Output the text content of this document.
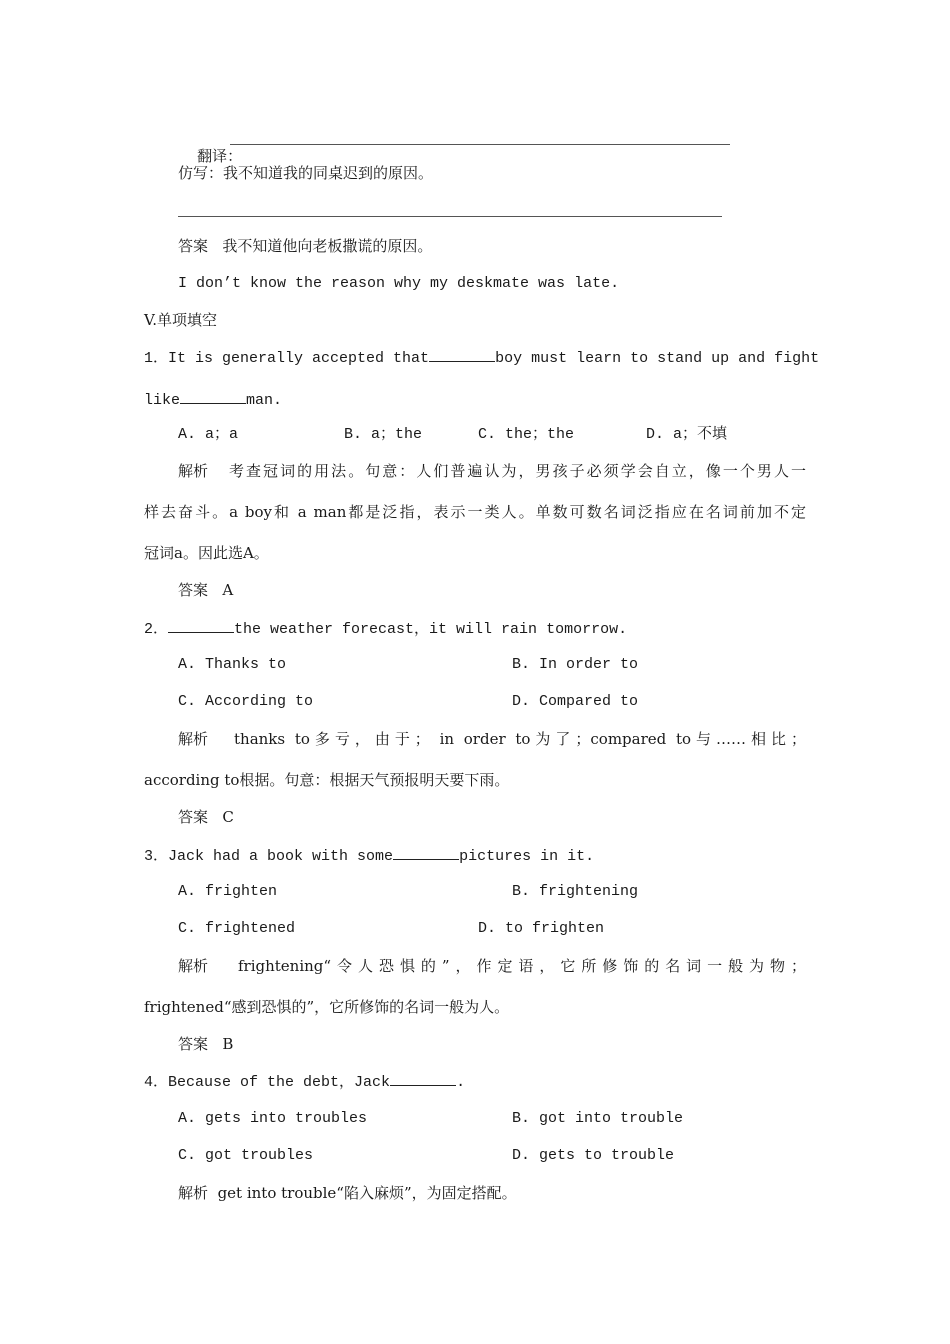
翻译：

仿写：我不知道我的同桌迟到的原因。
答案 我不知道他向老板撒谎的原因。
I don’t know the reason why my deskmate was late.
V.单项填空
1．It is generally accepted that	boy must learn to stand up and fight
like	man.
A. a；a	B. a；the	C. the；the	D. a；不填
解析 考查冠词的用法。句意：人们普遍认为，男孩子必须学会自立，像一个男人一
样去奋斗。a boy和 a man都是泛指，表示一类人。单数可数名词泛指应在名词前加不定
冠词a。因此选A。
答案 A
2．	the weather forecast，it will rain tomorrow.
A. Thanks to	B. In order to
C. According to	D. Compared to
解析 thanks to多亏，由于； in order to为了；compared to与……相比；
according to根据。句意：根据天气预报明天要下雨。
答案 C
3．Jack had a book with some	pictures in it.
A. frighten	B. frightening
C. frightened	D. to frighten
解析 frightening“令人恐惧的”，作定语，它所修饰的名词一般为物；
frightened“感到恐惧的”，它所修饰的名词一般为人。
答案 B
4．Because of the debt，Jack	.
A. gets into troubles	B. got into trouble
C. got troubles	D. gets to trouble
解析 get into trouble“陷入麻烦”，为固定搭配。
